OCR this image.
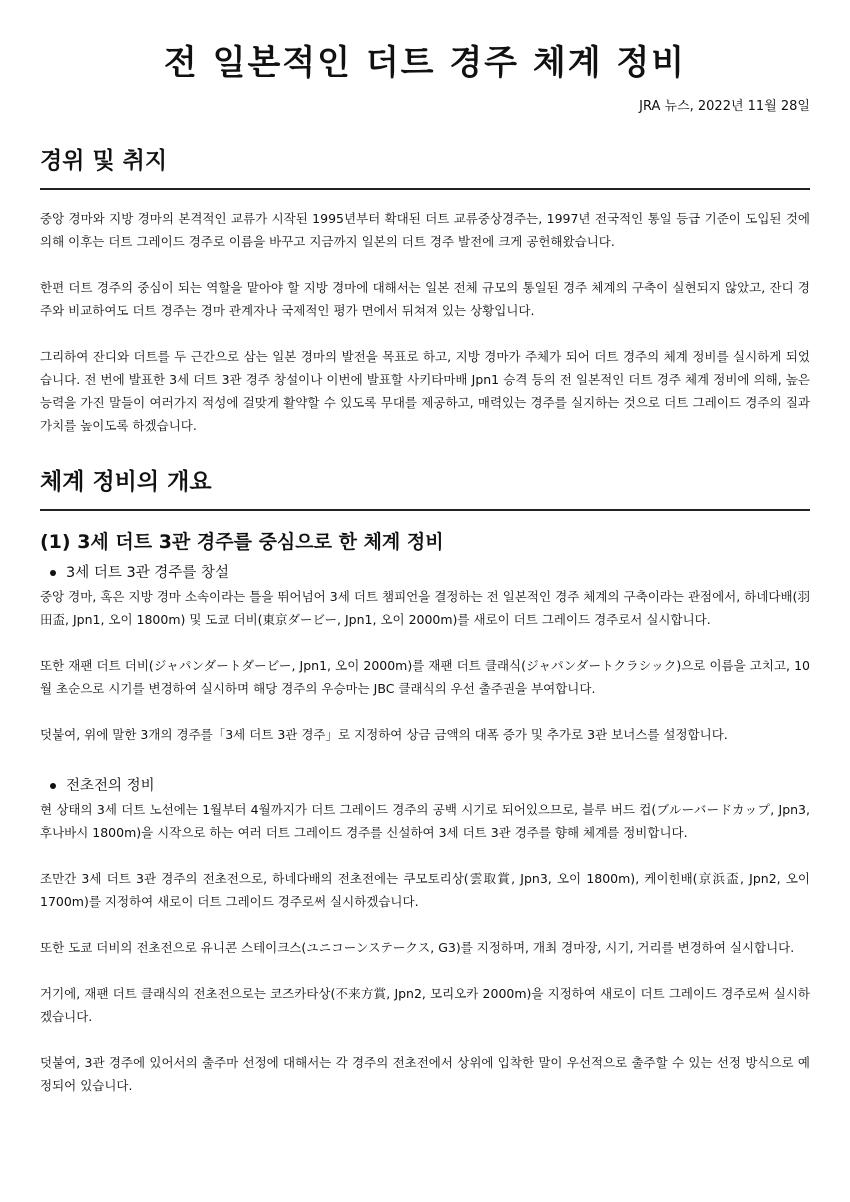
전 일본적인 더트 경주 체계 정비
JRA 뉴스, 2022년 11월 28일
경위 및 취지

중앙 경마와 지방 경마의 본격적인 교류가 시작된 1995년부터 확대된 더트 교류중상경주는, 1997년 전국적인 통일 등급 기준이 도입된 것에 의해 이후는 더트 그레이드 경주로 이름을 바꾸고 지금까지 일본의 더트 경주 발전에 크게 공헌해왔습니다.

한편 더트 경주의 중심이 되는 역할을 맡아야 할 지방 경마에 대해서는 일본 전체 규모의 통일된 경주 체계의 구축이 실현되지 않았고, 잔디 경주와 비교하여도 더트 경주는 경마 관계자나 국제적인 평가 면에서 뒤쳐져 있는 상황입니다.

그리하여 잔디와 더트를 두 근간으로 삼는 일본 경마의 발전을 목표로 하고, 지방 경마가 주체가 되어 더트 경주의 체계 정비를 실시하게 되었습니다. 전 번에 발표한 3세 더트 3관 경주 창설이나 이번에 발표할 사키타마배 Jpn1 승격 등의 전 일본적인 더트 경주 체계 정비에 의해, 높은 능력을 가진 말들이 여러가지 적성에 걸맞게 활약할 수 있도록 무대를 제공하고, 매력있는 경주를 실지하는 것으로 더트 그레이드 경주의 질과 가치를 높이도록 하겠습니다.

체계 정비의 개요
(1) 3세 더트 3관 경주를 중심으로 한 체계 정비
3세 더트 3관 경주를 창설

중앙 경마, 혹은 지방 경마 소속이라는 틀을 뛰어넘어 3세 더트 챔피언을 결정하는 전 일본적인 경주 체계의 구축이라는 관점에서, 하네다배(羽田盃, Jpn1, 오이 1800m) 및 도쿄 더비(東京ダービー, Jpn1, 오이 2000m)를 새로이 더트 그레이드 경주로서 실시합니다.

또한 재팬 더트 더비(ジャパンダートダービー, Jpn1, 오이 2000m)를 재팬 더트 클래식(ジャパンダートクラシック)으로 이름을 고치고, 10월 초순으로 시기를 변경하여 실시하며 해당 경주의 우승마는 JBC 클래식의 우선 출주권을 부여합니다.

덧붙여, 위에 말한 3개의 경주를「3세 더트 3관 경주」로 지정하여 상금 금액의 대폭 증가 및 추가로 3관 보너스를 설정합니다.

전초전의 정비

현 상태의 3세 더트 노선에는 1월부터 4월까지가 더트 그레이드 경주의 공백 시기로 되어있으므로, 블루 버드 컵(ブルーバードカップ, Jpn3, 후나바시 1800m)을 시작으로 하는 여러 더트 그레이드 경주를 신설하여 3세 더트 3관 경주를 향해 체계를 정비합니다.

조만간 3세 더트 3관 경주의 전초전으로, 하네다배의 전초전에는 쿠모토리상(雲取賞, Jpn3, 오이 1800m), 케이힌배(京浜盃, Jpn2, 오이 1700m)를 지정하여 새로이 더트 그레이드 경주로써 실시하겠습니다.

또한 도쿄 더비의 전초전으로 유니콘 스테이크스(ユニコーンステークス, G3)를 지정하며, 개최 경마장, 시기, 거리를 변경하여 실시합니다.

거기에, 재팬 더트 클래식의 전초전으로는 코즈카타상(不来方賞, Jpn2, 모리오카 2000m)을 지정하여 새로이 더트 그레이드 경주로써 실시하겠습니다.

덧붙여, 3관 경주에 있어서의 출주마 선정에 대해서는 각 경주의 전초전에서 상위에 입착한 말이 우선적으로 출주할 수 있는 선정 방식으로 예정되어 있습니다.
